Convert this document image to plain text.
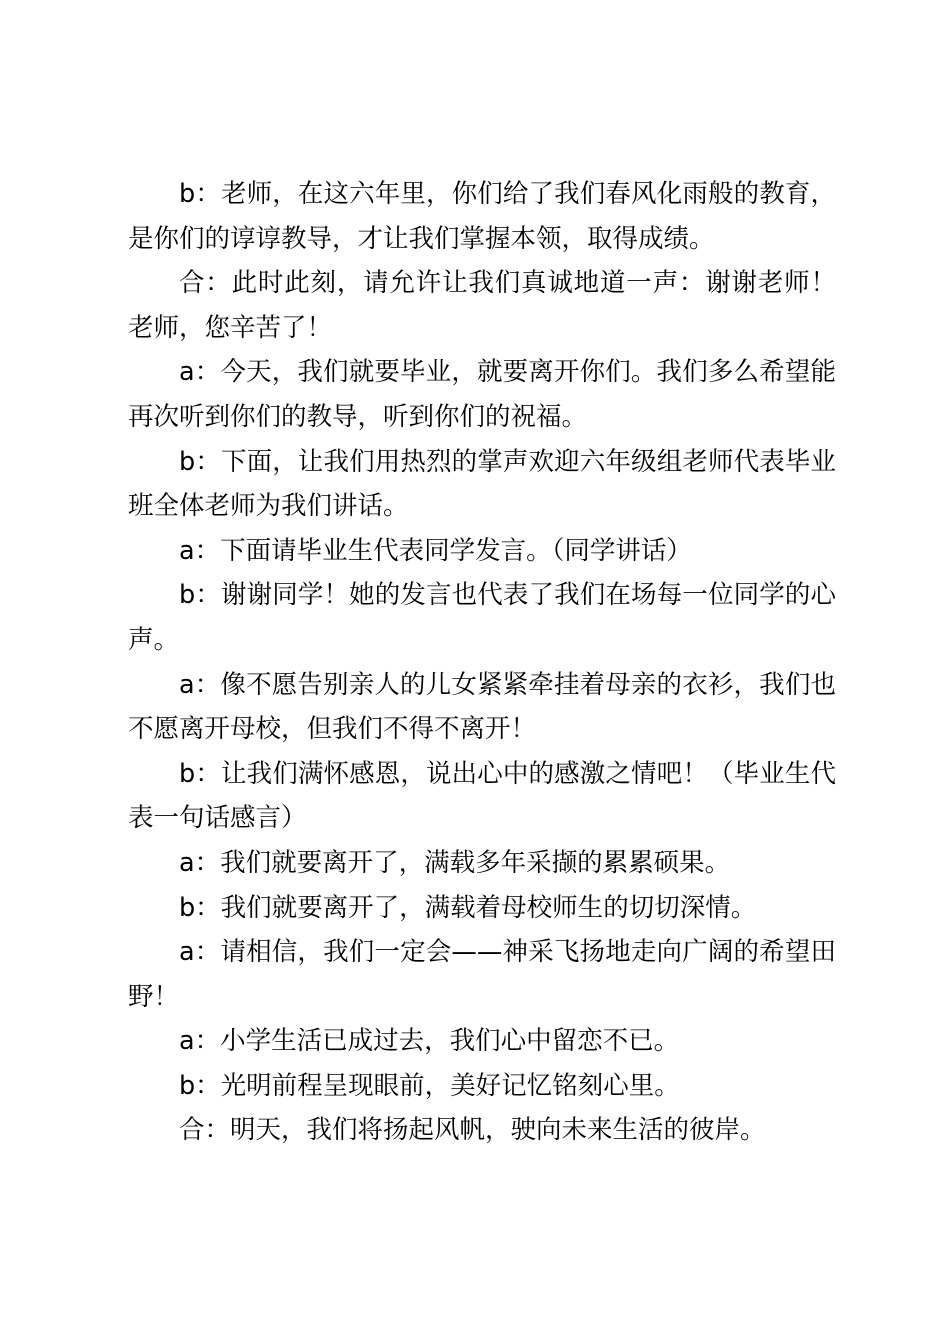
b：老师，在这六年里，你们给了我们春风化雨般的教育，是你们的谆谆教导，才让我们掌握本领，取得成绩。

合：此时此刻，请允许让我们真诚地道一声：谢谢老师！老师，您辛苦了！

a：今天，我们就要毕业，就要离开你们。我们多么希望能再次听到你们的教导，听到你们的祝福。

b：下面，让我们用热烈的掌声欢迎六年级组老师代表毕业班全体老师为我们讲话。

a：下面请毕业生代表同学发言。（同学讲话）

b：谢谢同学！她的发言也代表了我们在场每一位同学的心声。

a：像不愿告别亲人的儿女紧紧牵挂着母亲的衣衫，我们也不愿离开母校，但我们不得不离开！

b：让我们满怀感恩，说出心中的感激之情吧！（毕业生代表一句话感言）

a：我们就要离开了，满载多年采撷的累累硕果。

b：我们就要离开了，满载着母校师生的切切深情。

a：请相信，我们一定会——神采飞扬地走向广阔的希望田野！

a：小学生活已成过去，我们心中留恋不已。

b：光明前程呈现眼前，美好记忆铭刻心里。

合：明天，我们将扬起风帆，驶向未来生活的彼岸。
